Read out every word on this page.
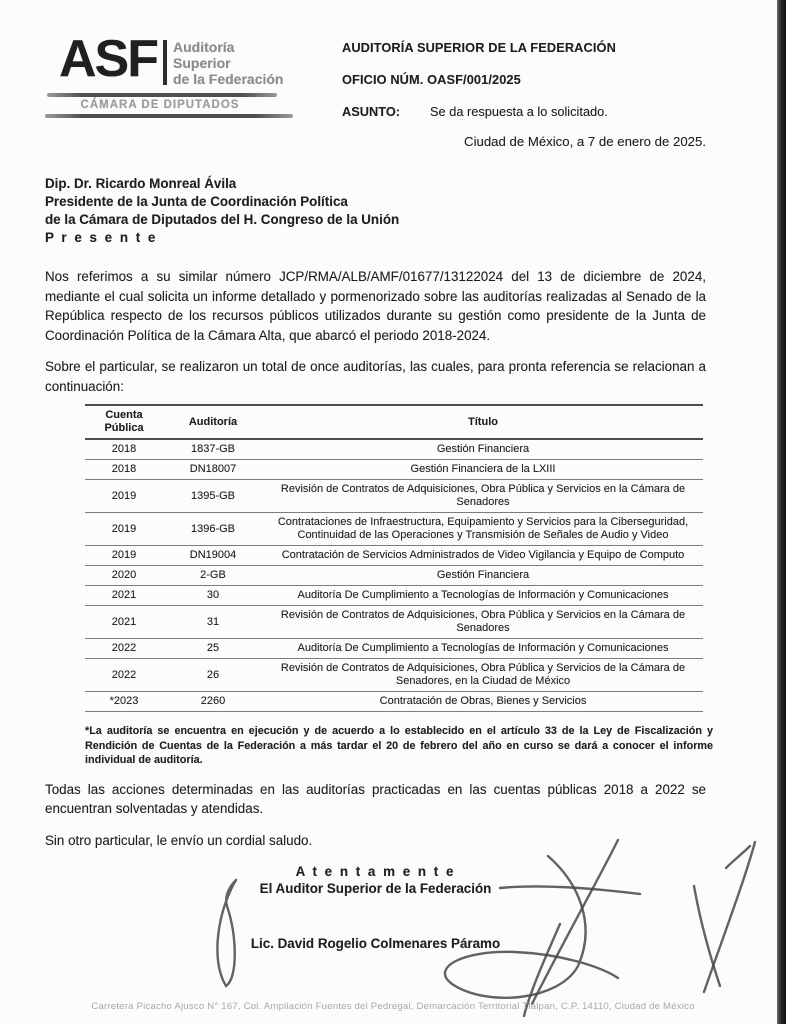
ASF Auditoría
Superior
de la Federación
CÁMARA DE DIPUTADOS
AUDITORÍA SUPERIOR DE LA FEDERACIÓN
OFICIO NÚM. OASF/001/2025
ASUNTO:	Se da respuesta a lo solicitado.
Ciudad de México, a 7 de enero de 2025.
Dip. Dr. Ricardo Monreal Ávila
Presidente de la Junta de Coordinación Política
de la Cámara de Diputados del H. Congreso de la Unión
P r e s e n t e

Nos referimos a su similar número JCP/RMA/ALB/AMF/01677/13122024 del 13 de diciembre de 2024, mediante el cual solicita un informe detallado y pormenorizado sobre las auditorías realizadas al Senado de la República respecto de los recursos públicos utilizados durante su gestión como presidente de la Junta de Coordinación Política de la Cámara Alta, que abarcó el periodo 2018-2024.

Sobre el particular, se realizaron un total de once auditorías, las cuales, para pronta referencia se relacionan a continuación:

Cuenta Pública	Auditoría	Título
2018	1837-GB	Gestión Financiera
2018	DN18007	Gestión Financiera de la LXIII
2019	1395-GB	Revisión de Contratos de Adquisiciones, Obra Pública y Servicios en la Cámara de Senadores
2019	1396-GB	Contrataciones de Infraestructura, Equipamiento y Servicios para la Ciberseguridad, Continuidad de las Operaciones y Transmisión de Señales de Audio y Video
2019	DN19004	Contratación de Servicios Administrados de Video Vigilancia y Equipo de Computo
2020	2-GB	Gestión Financiera
2021	30	Auditoría De Cumplimiento a Tecnologías de Información y Comunicaciones
2021	31	Revisión de Contratos de Adquisiciones, Obra Pública y Servicios en la Cámara de Senadores
2022	25	Auditoría De Cumplimiento a Tecnologías de Información y Comunicaciones
2022	26	Revisión de Contratos de Adquisiciones, Obra Pública y Servicios de la Cámara de Senadores, en la Ciudad de México
*2023	2260	Contratación de Obras, Bienes y Servicios

*La auditoría se encuentra en ejecución y de acuerdo a lo establecido en el artículo 33 de la Ley de Fiscalización y Rendición de Cuentas de la Federación a más tardar el 20 de febrero del año en curso se dará a conocer el informe individual de auditoría.

Todas las acciones determinadas en las auditorías practicadas en las cuentas públicas 2018 a 2022 se encuentran solventadas y atendidas.

Sin otro particular, le envío un cordial saludo.

A t e n t a m e n t e
El Auditor Superior de la Federación
Lic. David Rogelio Colmenares Páramo
Carretera Picacho Ajusco N° 167, Col. Ampliación Fuentes del Pedregal, Demarcación Territorial Tlalpan, C.P. 14110, Ciudad de México
